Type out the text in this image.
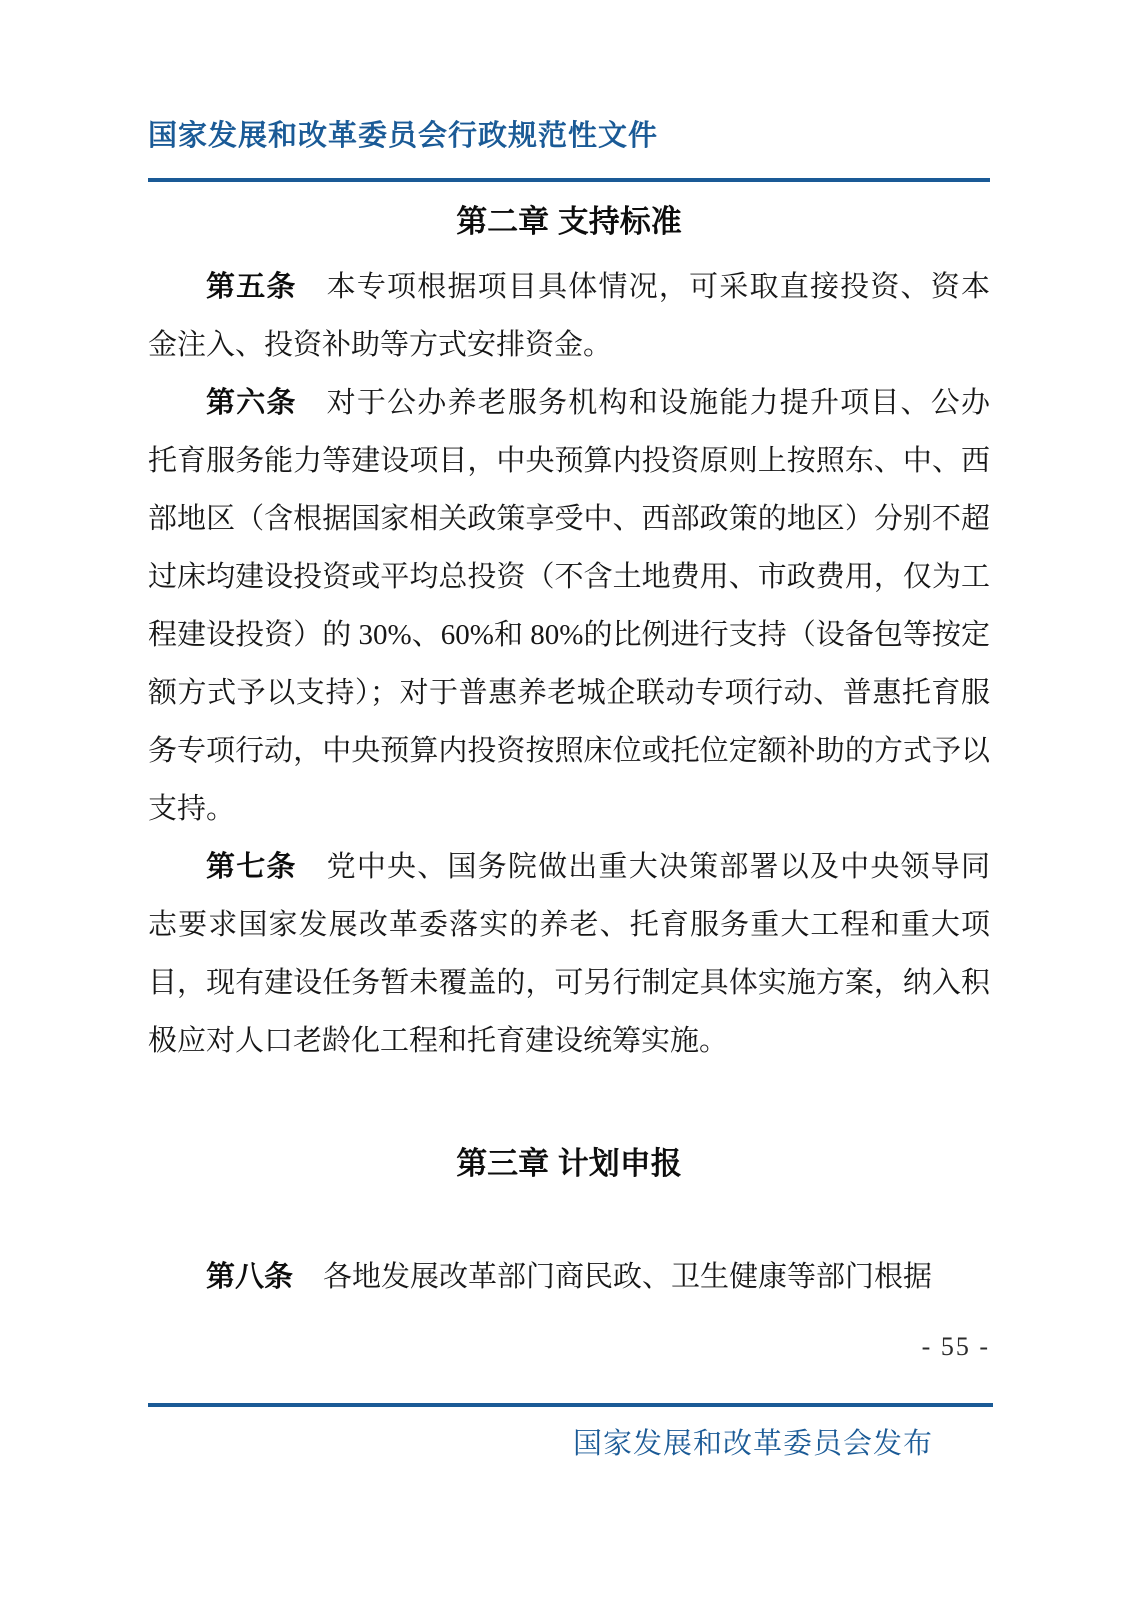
国家发展和改革委员会行政规范性文件
第二章 支持标准

第五条 本专项根据项目具体情况，可采取直接投资、资本金注入、投资补助等方式安排资金。

第六条 对于公办养老服务机构和设施能力提升项目、公办托育服务能力等建设项目，中央预算内投资原则上按照东、中、西部地区（含根据国家相关政策享受中、西部政策的地区）分别不超过床均建设投资或平均总投资（不含土地费用、市政费用，仅为工程建设投资）的 30%、60%和 80%的比例进行支持（设备包等按定额方式予以支持）；对于普惠养老城企联动专项行动、普惠托育服务专项行动，中央预算内投资按照床位或托位定额补助的方式予以支持。

第七条 党中央、国务院做出重大决策部署以及中央领导同志要求国家发展改革委落实的养老、托育服务重大工程和重大项目，现有建设任务暂未覆盖的，可另行制定具体实施方案，纳入积极应对人口老龄化工程和托育建设统筹实施。

第三章 计划申报

第八条 各地发展改革部门商民政、卫生健康等部门根据

- 55 -
国家发展和改革委员会发布
